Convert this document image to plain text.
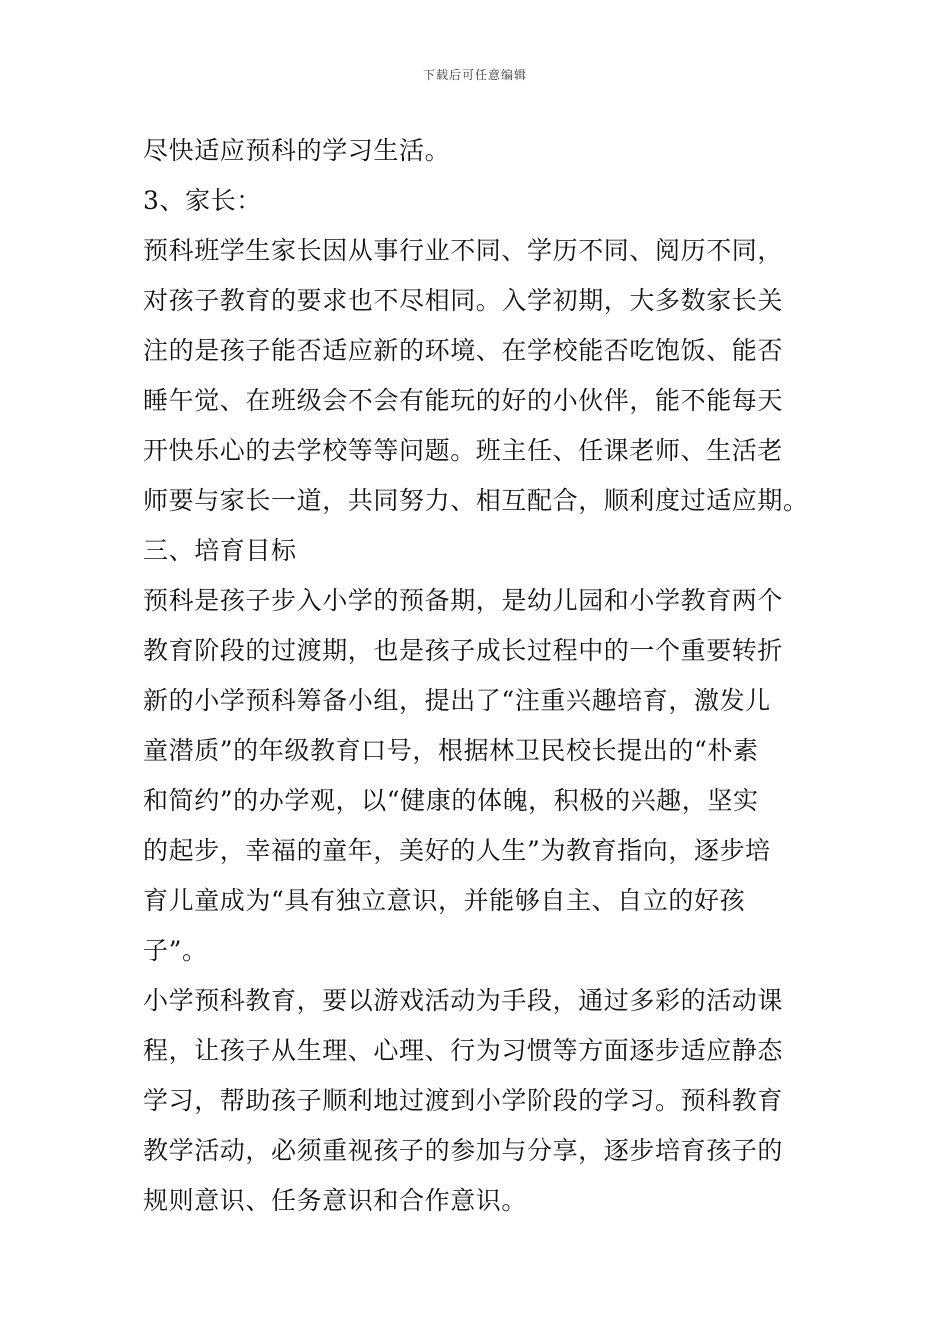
下载后可任意编辑
尽快适应预科的学习生活。
3、家长：
预科班学生家长因从事行业不同、学历不同、阅历不同，
对孩子教育的要求也不尽相同。入学初期，大多数家长关
注的是孩子能否适应新的环境、在学校能否吃饱饭、能否
睡午觉、在班级会不会有能玩的好的小伙伴，能不能每天
开快乐心的去学校等等问题。班主任、任课老师、生活老
师要与家长一道，共同努力、相互配合，顺利度过适应期。
三、培育目标
预科是孩子步入小学的预备期，是幼儿园和小学教育两个
教育阶段的过渡期，也是孩子成长过程中的一个重要转折
新的小学预科筹备小组，提出了“注重兴趣培育，激发儿
童潜质”的年级教育口号，根据林卫民校长提出的“朴素
和简约”的办学观，以“健康的体魄，积极的兴趣，坚实
的起步，幸福的童年，美好的人生”为教育指向，逐步培
育儿童成为“具有独立意识，并能够自主、自立的好孩
子”。
小学预科教育，要以游戏活动为手段，通过多彩的活动课
程，让孩子从生理、心理、行为习惯等方面逐步适应静态
学习，帮助孩子顺利地过渡到小学阶段的学习。预科教育
教学活动，必须重视孩子的参加与分享，逐步培育孩子的
规则意识、任务意识和合作意识。
